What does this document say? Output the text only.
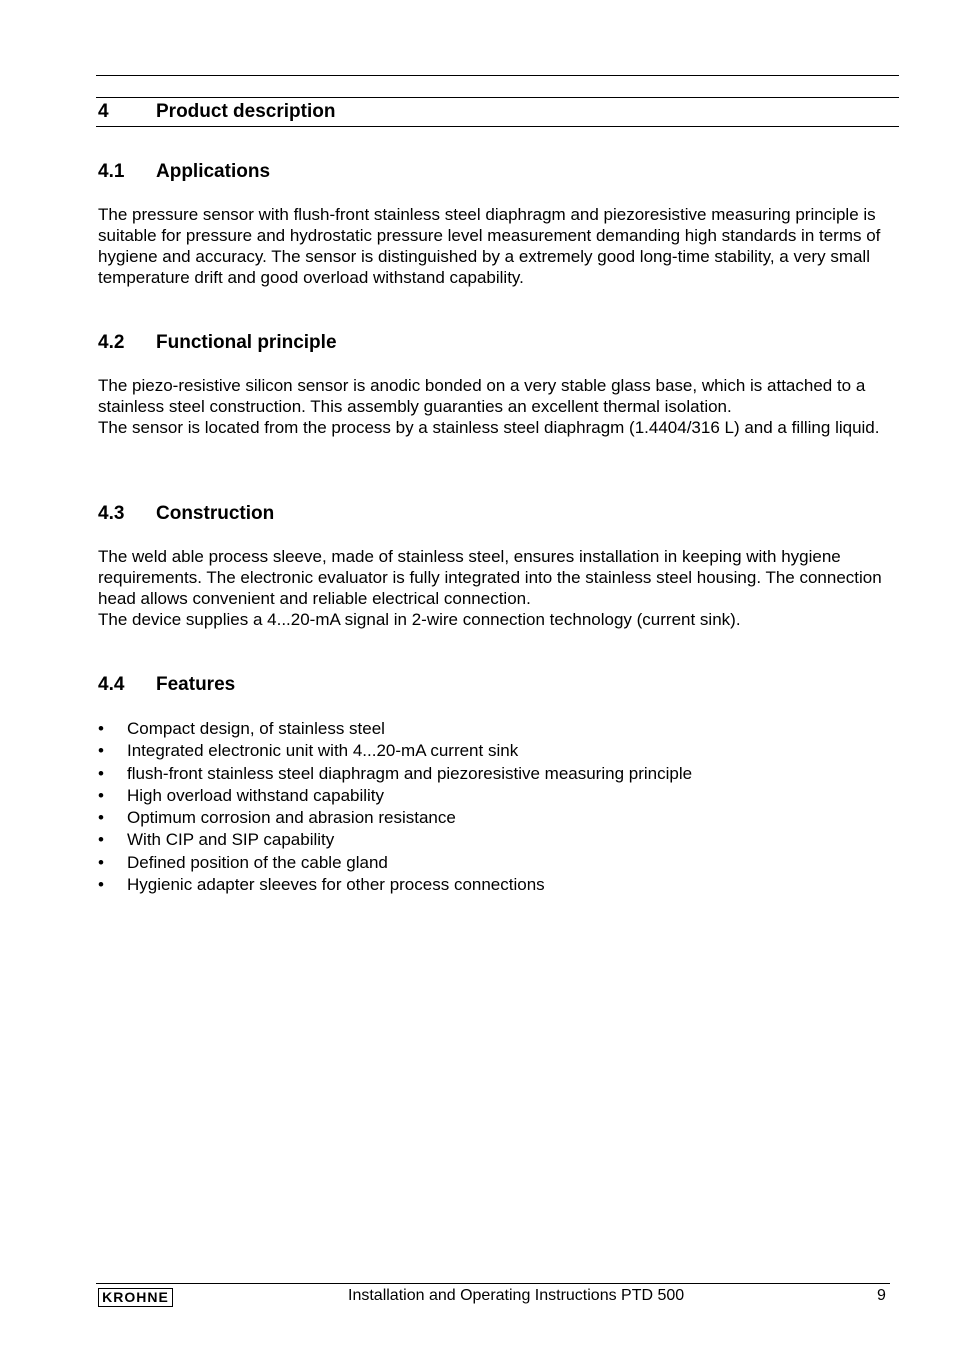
4 Product description
4.1 Applications

The pressure sensor with flush-front stainless steel diaphragm and piezoresistive measuring principle is suitable for pressure and hydrostatic pressure level measurement demanding high standards in terms of hygiene and accuracy. The sensor is distinguished by a extremely good long-time stability, a very small temperature drift and good overload withstand capability.

4.2 Functional principle

The piezo-resistive silicon sensor is anodic bonded on a very stable glass base, which is attached to a stainless steel construction. This assembly guaranties an excellent thermal isolation.

The sensor is located from the process by a stainless steel diaphragm (1.4404/316 L) and a filling liquid.

4.3 Construction

The weld able process sleeve, made of stainless steel, ensures installation in keeping with hygiene requirements. The electronic evaluator is fully integrated into the stainless steel housing. The connection head allows convenient and reliable electrical connection.

The device supplies a 4...20-mA signal in 2-wire connection technology (current sink).

4.4 Features
• Compact design, of stainless steel
• Integrated electronic unit with 4...20-mA current sink
• flush-front stainless steel diaphragm and piezoresistive measuring principle
• High overload withstand capability
• Optimum corrosion and abrasion resistance
• With CIP and SIP capability
• Defined position of the cable gland
• Hygienic adapter sleeves for other process connections
KROHNE	Installation and Operating Instructions PTD 500	9
